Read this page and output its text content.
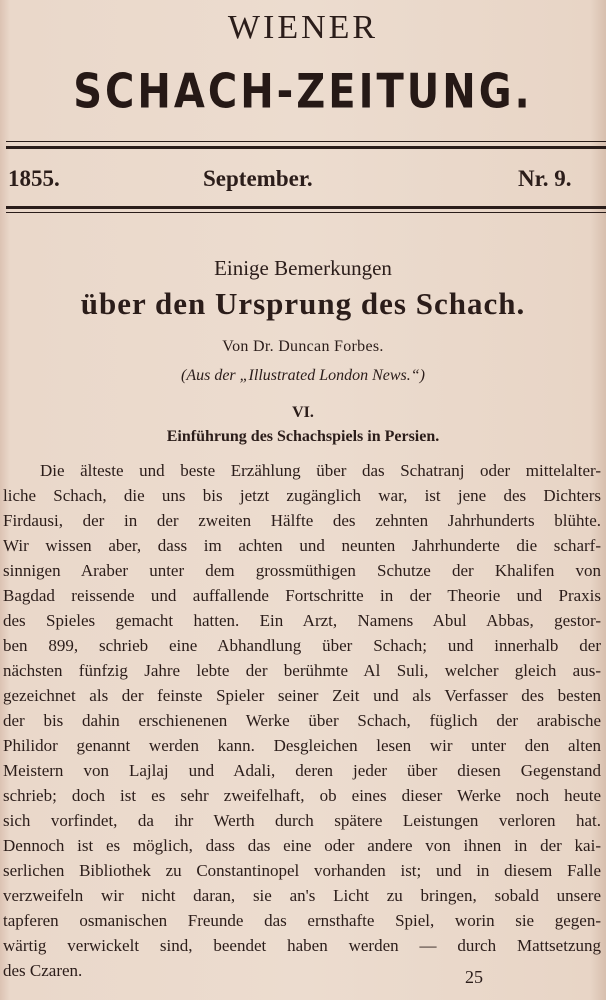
WIENER
SCHACH-ZEITUNG.
1855.	September.	Nr. 9.
Einige Bemerkungen
über den Ursprung des Schach.
Von Dr. Duncan Forbes.
(Aus der „Illustrated London News.“)
VI.
Einführung des Schachspiels in Persien.
Die älteste und beste Erzählung über das Schatranj oder mittelalter-
liche Schach, die uns bis jetzt zugänglich war, ist jene des Dichters
Firdausi, der in der zweiten Hälfte des zehnten Jahrhunderts blühte.
Wir wissen aber, dass im achten und neunten Jahrhunderte die scharf-
sinnigen Araber unter dem grossmüthigen Schutze der Khalifen von
Bagdad reissende und auffallende Fortschritte in der Theorie und Praxis
des Spieles gemacht hatten. Ein Arzt, Namens Abul Abbas, gestor-
ben 899, schrieb eine Abhandlung über Schach; und innerhalb der
nächsten fünfzig Jahre lebte der berühmte Al Suli, welcher gleich aus-
gezeichnet als der feinste Spieler seiner Zeit und als Verfasser des besten
der bis dahin erschienenen Werke über Schach, füglich der arabische
Philidor genannt werden kann. Desgleichen lesen wir unter den alten
Meistern von Lajlaj und Adali, deren jeder über diesen Gegenstand
schrieb; doch ist es sehr zweifelhaft, ob eines dieser Werke noch heute
sich vorfindet, da ihr Werth durch spätere Leistungen verloren hat.
Dennoch ist es möglich, dass das eine oder andere von ihnen in der kai-
serlichen Bibliothek zu Constantinopel vorhanden ist; und in diesem Falle
verzweifeln wir nicht daran, sie an's Licht zu bringen, sobald unsere
tapferen osmanischen Freunde das ernsthafte Spiel, worin sie gegen-
wärtig verwickelt sind, beendet haben werden — durch Mattsetzung
des Czaren.	25
